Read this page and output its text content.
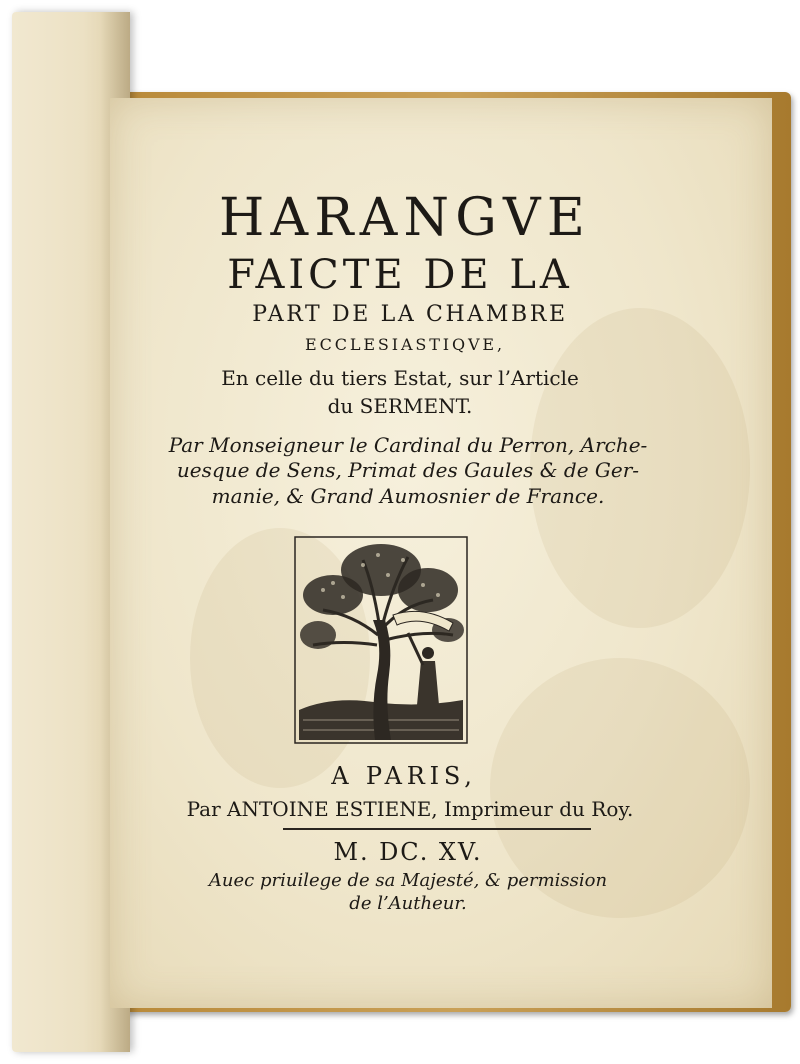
HARANGVE
FAICTE DE LA
PART DE LA CHAMBRE
ECCLESIASTIQVE,
En celle du tiers Estat, sur l’Article
du SERMENT.
Par Monseigneur le Cardinal du Perron, Arche-
uesque de Sens, Primat des Gaules & de Ger-
manie, & Grand Aumosnier de France.
A PARIS,
Par ANTOINE ESTIENE, Imprimeur du Roy.
M. DC. XV.
Auec priuilege de sa Majesté, & permission
de l’Autheur.
